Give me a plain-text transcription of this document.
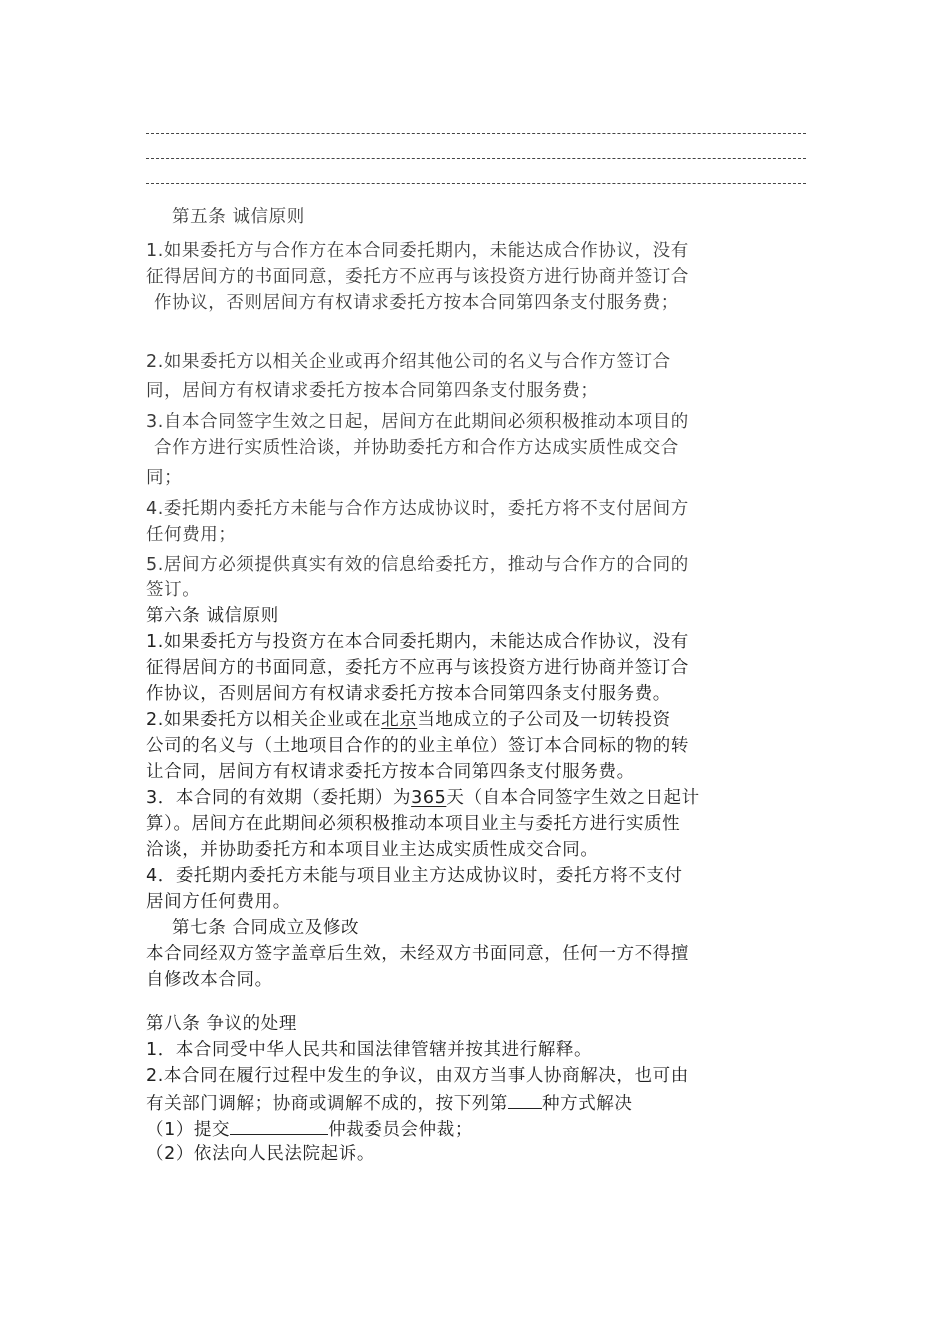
第五条 诚信原则
1.如果委托方与合作方在本合同委托期内，未能达成合作协议，没有
征得居间方的书面同意，委托方不应再与该投资方进行协商并签订合
作协议，否则居间方有权请求委托方按本合同第四条支付服务费；
2.如果委托方以相关企业或再介绍其他公司的名义与合作方签订合
同，居间方有权请求委托方按本合同第四条支付服务费；
3.自本合同签字生效之日起，居间方在此期间必须积极推动本项目的
合作方进行实质性洽谈，并协助委托方和合作方达成实质性成交合
同；
4.委托期内委托方未能与合作方达成协议时，委托方将不支付居间方
任何费用；
5.居间方必须提供真实有效的信息给委托方，推动与合作方的合同的
签订。
第六条 诚信原则
1.如果委托方与投资方在本合同委托期内，未能达成合作协议，没有
征得居间方的书面同意，委托方不应再与该投资方进行协商并签订合
作协议，否则居间方有权请求委托方按本合同第四条支付服务费。
2.如果委托方以相关企业或在北京当地成立的子公司及一切转投资
公司的名义与（土地项目合作的的业主单位）签订本合同标的物的转
让合同，居间方有权请求委托方按本合同第四条支付服务费。
3．本合同的有效期（委托期）为365天（自本合同签字生效之日起计
算）。居间方在此期间必须积极推动本项目业主与委托方进行实质性
洽谈，并协助委托方和本项目业主达成实质性成交合同。
4．委托期内委托方未能与项目业主方达成协议时，委托方将不支付
居间方任何费用。
第七条 合同成立及修改
本合同经双方签字盖章后生效，未经双方书面同意，任何一方不得擅
自修改本合同。
第八条 争议的处理
1．本合同受中华人民共和国法律管辖并按其进行解释。
2.本合同在履行过程中发生的争议，由双方当事人协商解决，也可由
有关部门调解；协商或调解不成的，按下列第 种方式解决
（1）提交	仲裁委员会仲裁；
（2）依法向人民法院起诉。
